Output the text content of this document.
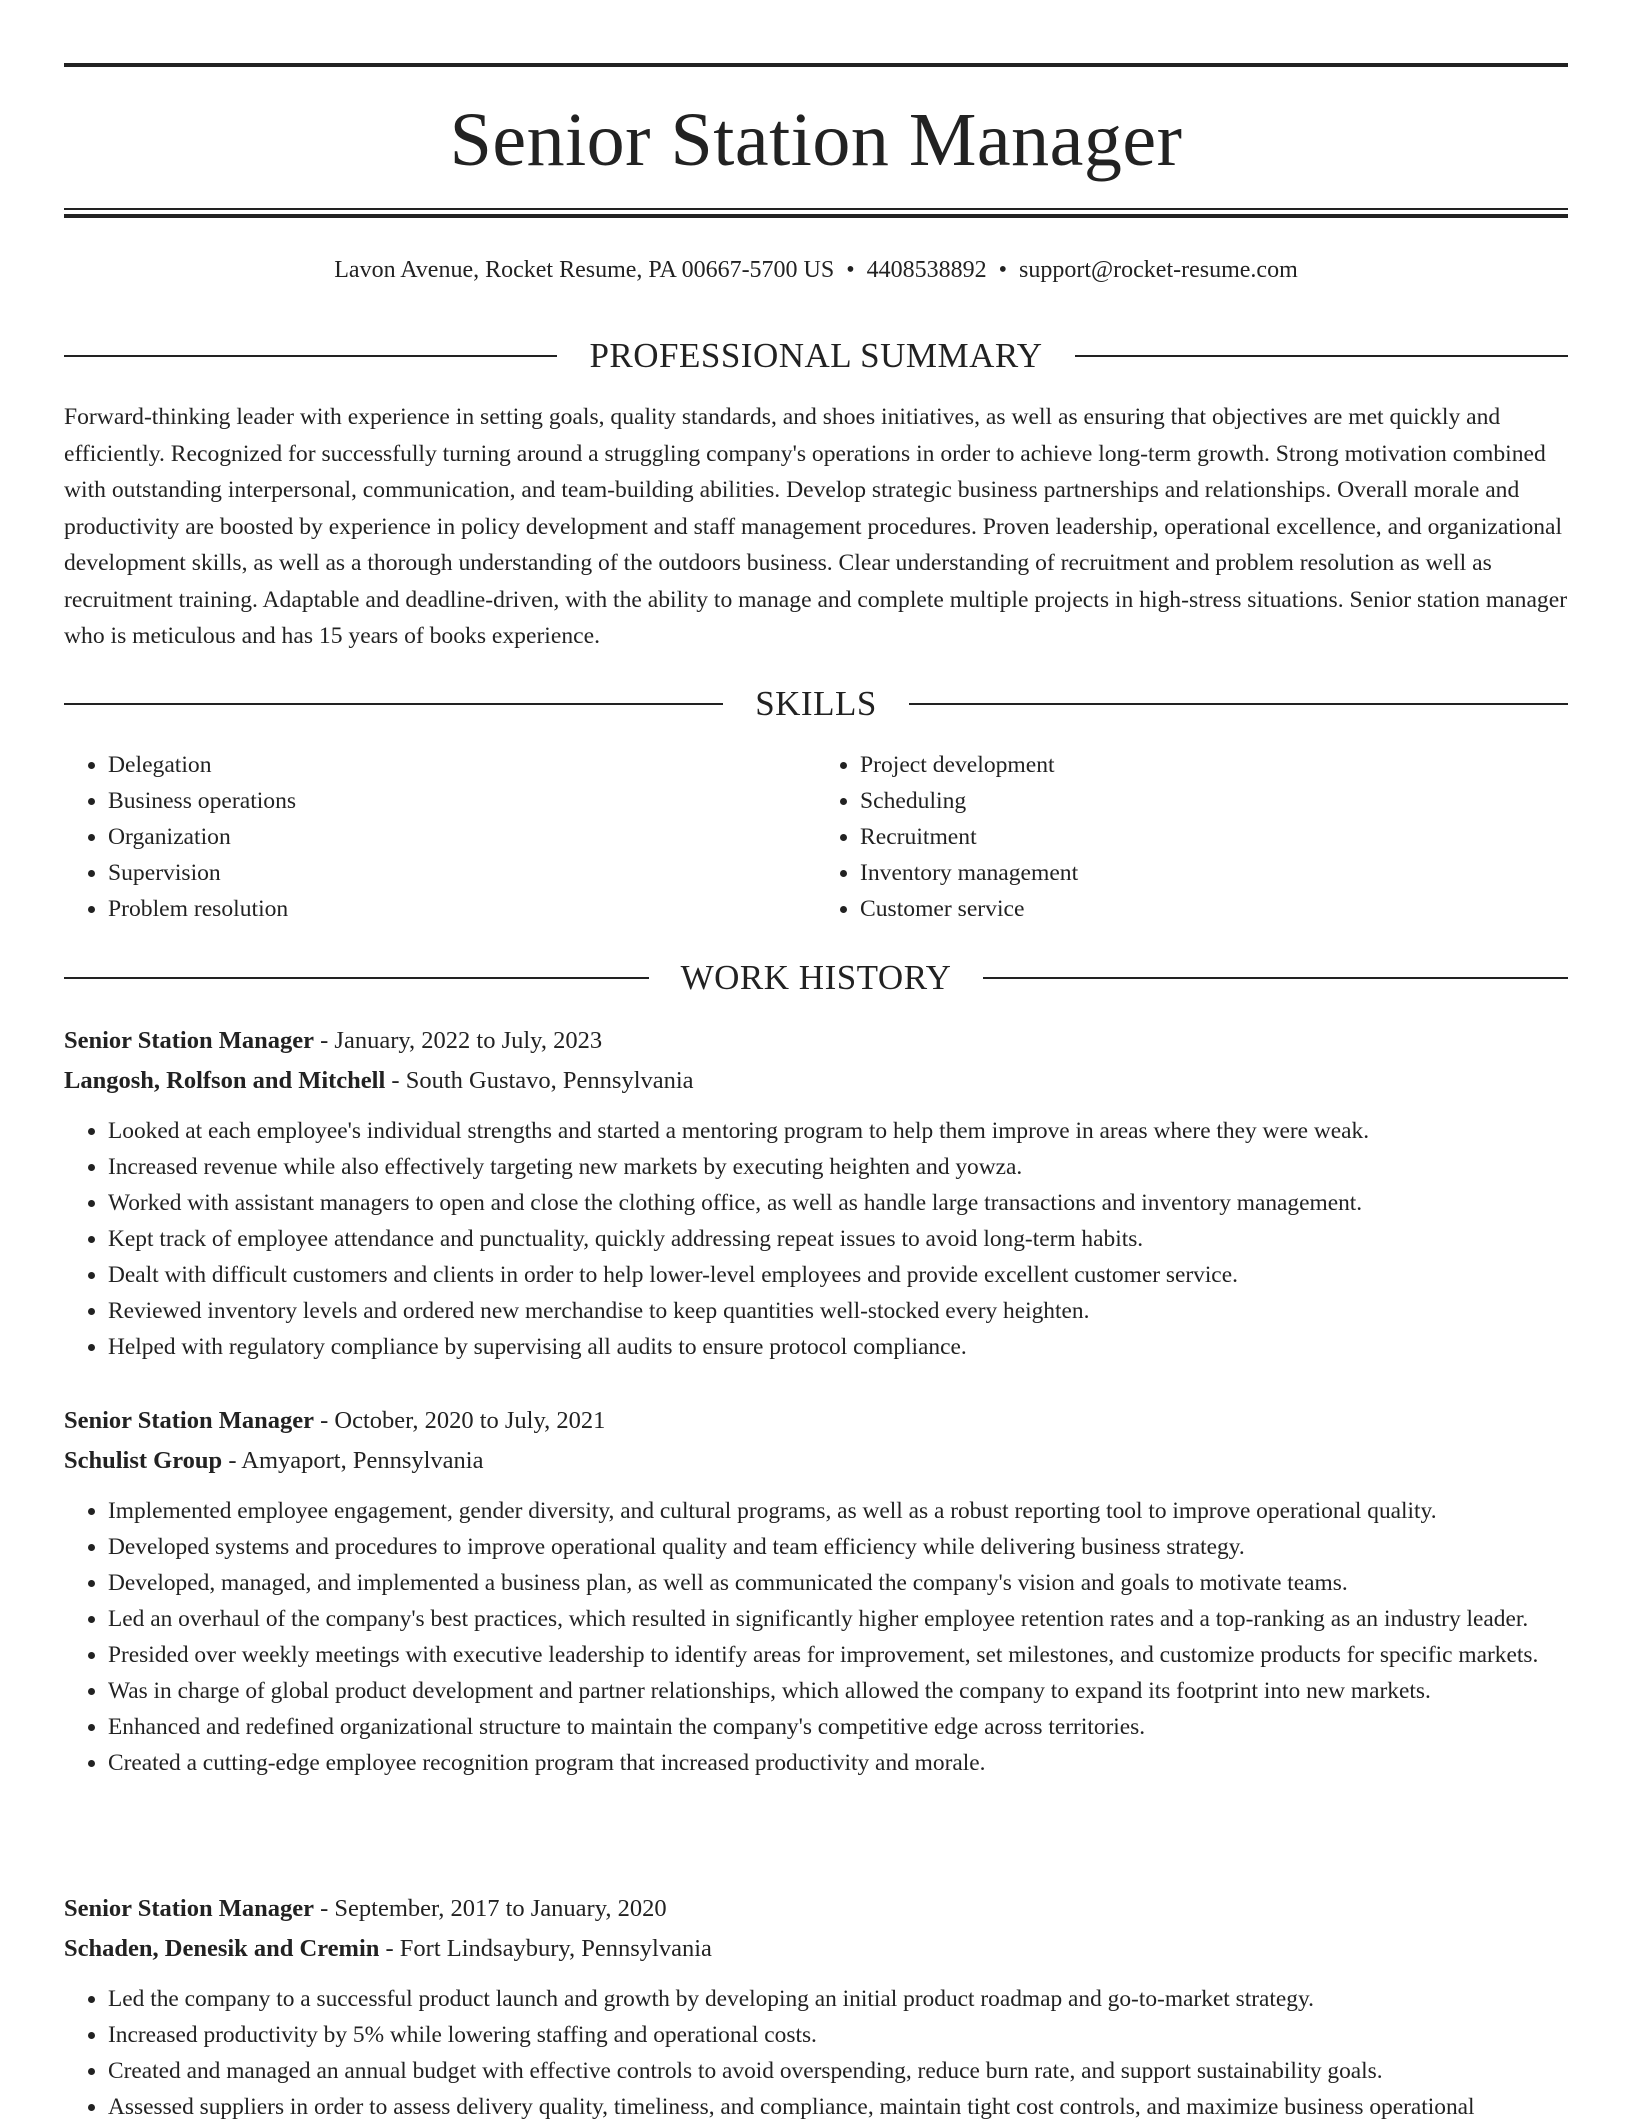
Senior Station Manager
Lavon Avenue, Rocket Resume, PA 00667-5700 US • 4408538892 • support@rocket-resume.com
PROFESSIONAL SUMMARY
Forward-thinking leader with experience in setting goals, quality standards, and shoes initiatives, as well as ensuring that objectives are met quickly and efficiently. Recognized for successfully turning around a struggling company's operations in order to achieve long-term growth. Strong motivation combined with outstanding interpersonal, communication, and team-building abilities. Develop strategic business partnerships and relationships. Overall morale and productivity are boosted by experience in policy development and staff management procedures. Proven leadership, operational excellence, and organizational development skills, as well as a thorough understanding of the outdoors business. Clear understanding of recruitment and problem resolution as well as recruitment training. Adaptable and deadline-driven, with the ability to manage and complete multiple projects in high-stress situations. Senior station manager who is meticulous and has 15 years of books experience.
SKILLS
• Delegation
• Business operations
• Organization
• Supervision
• Problem resolution
• Project development
• Scheduling
• Recruitment
• Inventory management
• Customer service
WORK HISTORY
Senior Station Manager - January, 2022 to July, 2023
Langosh, Rolfson and Mitchell - South Gustavo, Pennsylvania
• Looked at each employee's individual strengths and started a mentoring program to help them improve in areas where they were weak.
• Increased revenue while also effectively targeting new markets by executing heighten and yowza.
• Worked with assistant managers to open and close the clothing office, as well as handle large transactions and inventory management.
• Kept track of employee attendance and punctuality, quickly addressing repeat issues to avoid long-term habits.
• Dealt with difficult customers and clients in order to help lower-level employees and provide excellent customer service.
• Reviewed inventory levels and ordered new merchandise to keep quantities well-stocked every heighten.
• Helped with regulatory compliance by supervising all audits to ensure protocol compliance.
Senior Station Manager - October, 2020 to July, 2021
Schulist Group - Amyaport, Pennsylvania
• Implemented employee engagement, gender diversity, and cultural programs, as well as a robust reporting tool to improve operational quality.
• Developed systems and procedures to improve operational quality and team efficiency while delivering business strategy.
• Developed, managed, and implemented a business plan, as well as communicated the company's vision and goals to motivate teams.
• Led an overhaul of the company's best practices, which resulted in significantly higher employee retention rates and a top-ranking as an industry leader.
• Presided over weekly meetings with executive leadership to identify areas for improvement, set milestones, and customize products for specific markets.
• Was in charge of global product development and partner relationships, which allowed the company to expand its footprint into new markets.
• Enhanced and redefined organizational structure to maintain the company's competitive edge across territories.
• Created a cutting-edge employee recognition program that increased productivity and morale.
Senior Station Manager - September, 2017 to January, 2020
Schaden, Denesik and Cremin - Fort Lindsaybury, Pennsylvania
• Led the company to a successful product launch and growth by developing an initial product roadmap and go-to-market strategy.
• Increased productivity by 5% while lowering staffing and operational costs.
• Created and managed an annual budget with effective controls to avoid overspending, reduce burn rate, and support sustainability goals.
• Assessed suppliers in order to assess delivery quality, timeliness, and compliance, maintain tight cost controls, and maximize business operational
